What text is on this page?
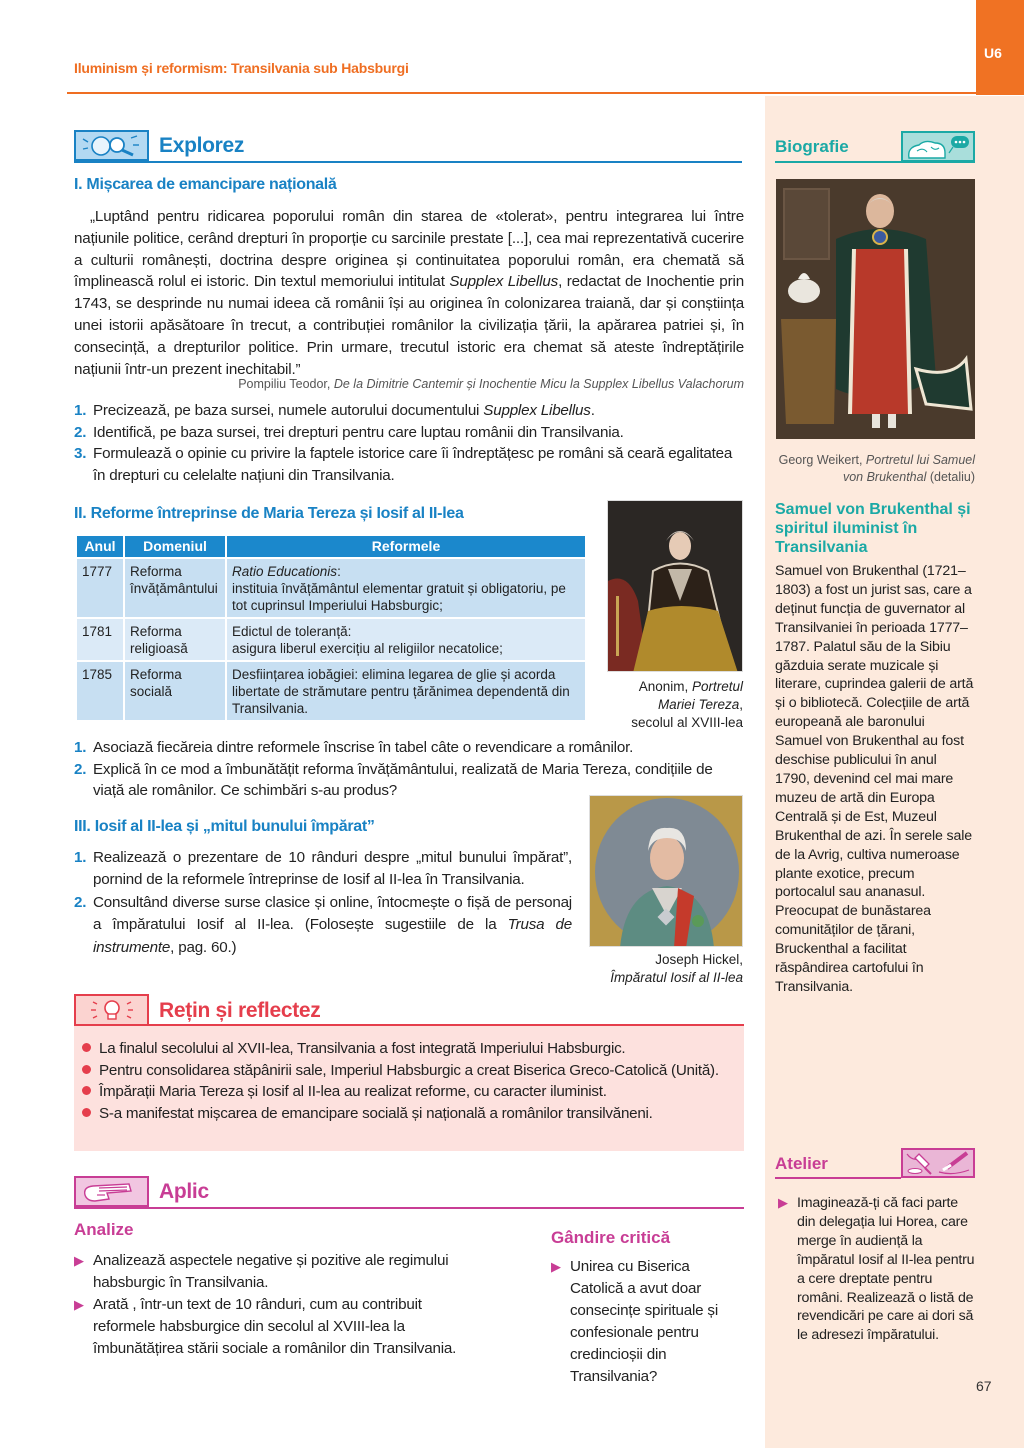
U6
Iluminism și reformism: Transilvania sub Habsburgi
Explorez
I. Mișcarea de emancipare națională
„Luptând pentru ridicarea poporului român din starea de «tolerat», pentru integrarea lui între națiunile politice, cerând drepturi în proporție cu sarcinile prestate [...], cea mai reprezentativă cucerire a culturii românești, doctrina despre originea și continuitatea poporului român, era chemată să împlinească rolul ei istoric. Din textul memoriului intitulat Supplex Libellus, redactat de Inochentie prin 1743, se desprinde nu numai ideea că românii își au originea în colonizarea traiană, dar și conștiința unei istorii apăsătoare în trecut, a contribuției românilor la civilizația țării, la apărarea patriei și, în consecință, a drepturilor politice. Prin urmare, trecutul istoric era chemat să ateste îndreptățirile națiunii într-un prezent inechitabil.”
Pompiliu Teodor, De la Dimitrie Cantemir și Inochentie Micu la Supplex Libellus Valachorum
1. Precizează, pe baza sursei, numele autorului documentului Supplex Libellus.
2. Identifică, pe baza sursei, trei drepturi pentru care luptau românii din Transilvania.
3. Formulează o opinie cu privire la faptele istorice care îi îndreptățesc pe români să ceară egalitatea în drepturi cu celelalte națiuni din Transilvania.
II. Reforme întreprinse de Maria Tereza și Iosif al II-lea
Anul	Domeniul	Reformele
1777	Reforma învățământului	Ratio Educationis:
instituia învățământul elementar gratuit și obligatoriu, pe tot cuprinsul Imperiului Habsburgic;
1781	Reforma religioasă	Edictul de toleranță:
asigura liberul exercițiu al religiilor necatolice;
1785	Reforma socială	Desființarea iobăgiei: elimina legarea de glie și acorda libertate de strămutare pentru țărănimea dependentă din Transilvania.
Anonim, Portretul Mariei Tereza,
secolul al XVIII-lea
1. Asociază fiecăreia dintre reformele înscrise în tabel câte o revendicare a românilor.
2. Explică în ce mod a îmbunătățit reforma învățământului, realizată de Maria Tereza, condițiile de viață ale românilor. Ce schimbări s-au produs?
III. Iosif al II-lea și „mitul bunului împărat”
1. Realizează o prezentare de 10 rânduri despre „mitul bunului împărat”, pornind de la reformele întreprinse de Iosif al II-lea în Transilvania.
2. Consultând diverse surse clasice și online, întocmește o fișă de personaj a împăratului Iosif al II-lea. (Folosește sugestiile de la Trusa de instrumente, pag. 60.)
Joseph Hickel,
Împăratul Iosif al II-lea
Rețin și reflectez
La finalul secolului al XVII-lea, Transilvania a fost integrată Imperiului Habsburgic.
Pentru consolidarea stăpânirii sale, Imperiul Habsburgic a creat Biserica Greco-Catolică (Unită).
Împărații Maria Tereza și Iosif al II-lea au realizat reforme, cu caracter iluminist.
S-a manifestat mișcarea de emancipare socială și națională a românilor transilvăneni.
Aplic
Analize
▶ Analizează aspectele negative și pozitive ale regimului habsburgic în Transilvania.
▶ Arată , într-un text de 10 rânduri, cum au contribuit reformele habsburgice din secolul al XVIII-lea la îmbunătățirea stării sociale a românilor din Transilvania.
Gândire critică
▶ Unirea cu Biserica Catolică a avut doar consecințe spirituale și confesionale pentru credincioșii din Transilvania?
Biografie
Georg Weikert, Portretul lui Samuel von Brukenthal (detaliu)
Samuel von Brukenthal și spiritul iluminist în Transilvania
Samuel von Brukenthal (1721–1803) a fost un jurist sas, care a deținut funcția de guvernator al Transilvaniei în perioada 1777–1787. Palatul său de la Sibiu găzduia serate muzicale și literare, cuprindea galerii de artă și o bibliotecă. Colecțiile de artă europeană ale baronului Samuel von Brukenthal au fost deschise publicului în anul 1790, devenind cel mai mare muzeu de artă din Europa Centrală și de Est, Muzeul Brukenthal de azi. În serele sale de la Avrig, cultiva numeroase plante exotice, precum portocalul sau ananasul. Preocupat de bunăstarea comunităților de țărani, Bruckenthal a facilitat răspândirea cartofului în Transilvania.
Atelier
▶ Imaginează-ți că faci parte din delegația lui Horea, care merge în audiență la împăratul Iosif al II-lea pentru a cere dreptate pentru români. Realizează o listă de revendicări pe care ai dori să le adresezi împăratului.
67
